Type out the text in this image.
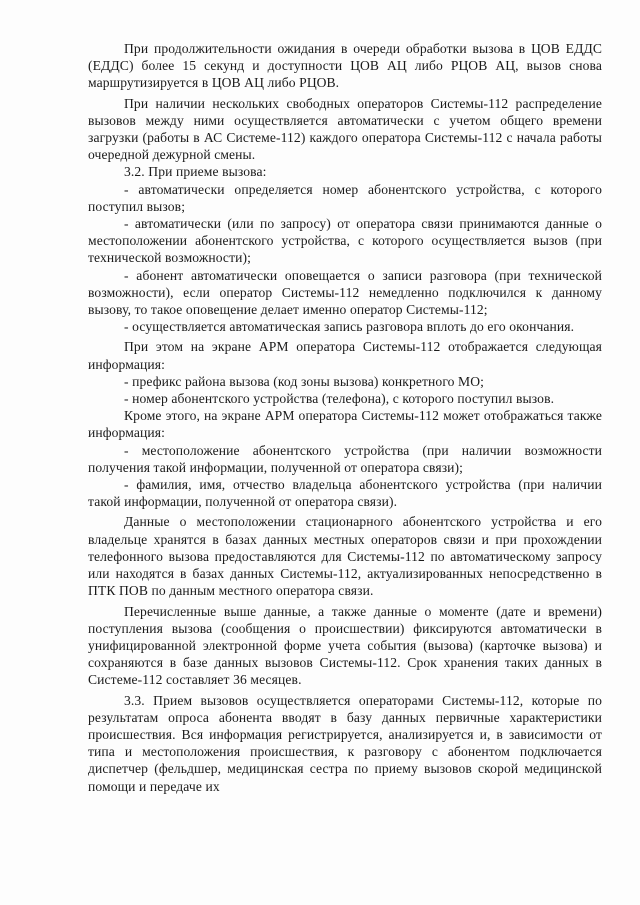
При продолжительности ожидания в очереди обработки вызова в ЦОВ ЕДДС (ЕДДС) более 15 секунд и доступности ЦОВ АЦ либо РЦОВ АЦ, вызов снова маршрутизируется в ЦОВ АЦ либо РЦОВ.

При наличии нескольких свободных операторов Системы-112 распределение вызовов между ними осуществляется автоматически с учетом общего времени загрузки (работы в АС Системе-112) каждого оператора Системы-112 с начала работы очередной дежурной смены.

3.2. При приеме вызова:

- автоматически определяется номер абонентского устройства, с которого поступил вызов;

- автоматически (или по запросу) от оператора связи принимаются данные о местоположении абонентского устройства, с которого осуществляется вызов (при технической возможности);

- абонент автоматически оповещается о записи разговора (при технической возможности), если оператор Системы-112 немедленно подключился к данному вызову, то такое оповещение делает именно оператор Системы-112;

- осуществляется автоматическая запись разговора вплоть до его окончания.

При этом на экране АРМ оператора Системы-112 отображается следующая информация:

- префикс района вызова (код зоны вызова) конкретного МО;

- номер абонентского устройства (телефона), с которого поступил вызов.

Кроме этого, на экране АРМ оператора Системы-112 может отображаться также информация:

- местоположение абонентского устройства (при наличии возможности получения такой информации, полученной от оператора связи);

- фамилия, имя, отчество владельца абонентского устройства (при наличии такой информации, полученной от оператора связи).

Данные о местоположении стационарного абонентского устройства и его владельце хранятся в базах данных местных операторов связи и при прохождении телефонного вызова предоставляются для Системы-112 по автоматическому запросу или находятся в базах данных Системы-112, актуализированных непосредственно в ПТК ПОВ по данным местного оператора связи.

Перечисленные выше данные, а также данные о моменте (дате и времени) поступления вызова (сообщения о происшествии) фиксируются автоматически в унифицированной электронной форме учета события (вызова) (карточке вызова) и сохраняются в базе данных вызовов Системы-112. Срок хранения таких данных в Системе-112 составляет 36 месяцев.

3.3. Прием вызовов осуществляется операторами Системы-112, которые по результатам опроса абонента вводят в базу данных первичные характеристики происшествия. Вся информация регистрируется, анализируется и, в зависимости от типа и местоположения происшествия, к разговору с абонентом подключается диспетчер (фельдшер, медицинская сестра по приему вызовов скорой медицинской помощи и передаче их
